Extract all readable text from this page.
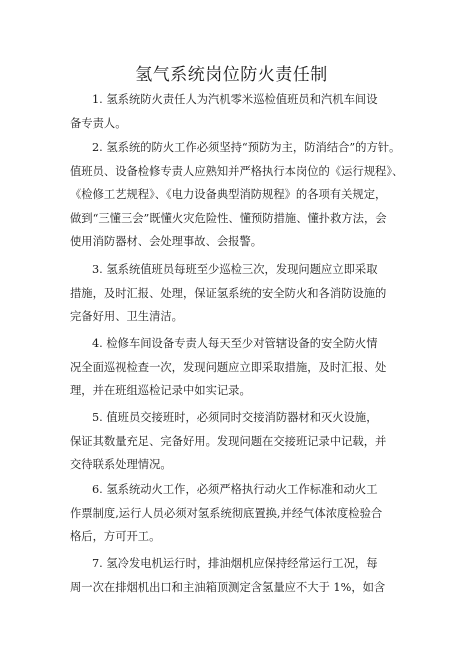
氢气系统岗位防火责任制

1. 氢系统防火责任人为汽机零米巡检值班员和汽机车间设
备专责人。

2. 氢系统的防火工作必须坚持“预防为主，防消结合”的方针。
值班员、设备检修专责人应熟知并严格执行本岗位的《运行规程》、
《检修工艺规程》、《电力设备典型消防规程》的各项有关规定，
做到“三懂三会”既懂火灾危险性、懂预防措施、懂扑救方法，会
使用消防器材、会处理事故、会报警。

3. 氢系统值班员每班至少巡检三次，发现问题应立即采取
措施，及时汇报、处理，保证氢系统的安全防火和各消防设施的
完备好用、卫生清洁。

4. 检修车间设备专责人每天至少对管辖设备的安全防火情
况全面巡视检查一次，发现问题应立即采取措施，及时汇报、处
理，并在班组巡检记录中如实记录。

5. 值班员交接班时，必须同时交接消防器材和灭火设施，
保证其数量充足、完备好用。发现问题在交接班记录中记载，并
交待联系处理情况。

6. 氢系统动火工作，必须严格执行动火工作标准和动火工
作票制度,运行人员必须对氢系统彻底置换,并经气体浓度检验合
格后，方可开工。

7. 氢冷发电机运行时，排油烟机应保持经常运行工况，每
周一次在排烟机出口和主油箱顶测定含氢量应不大于 1%，如含
